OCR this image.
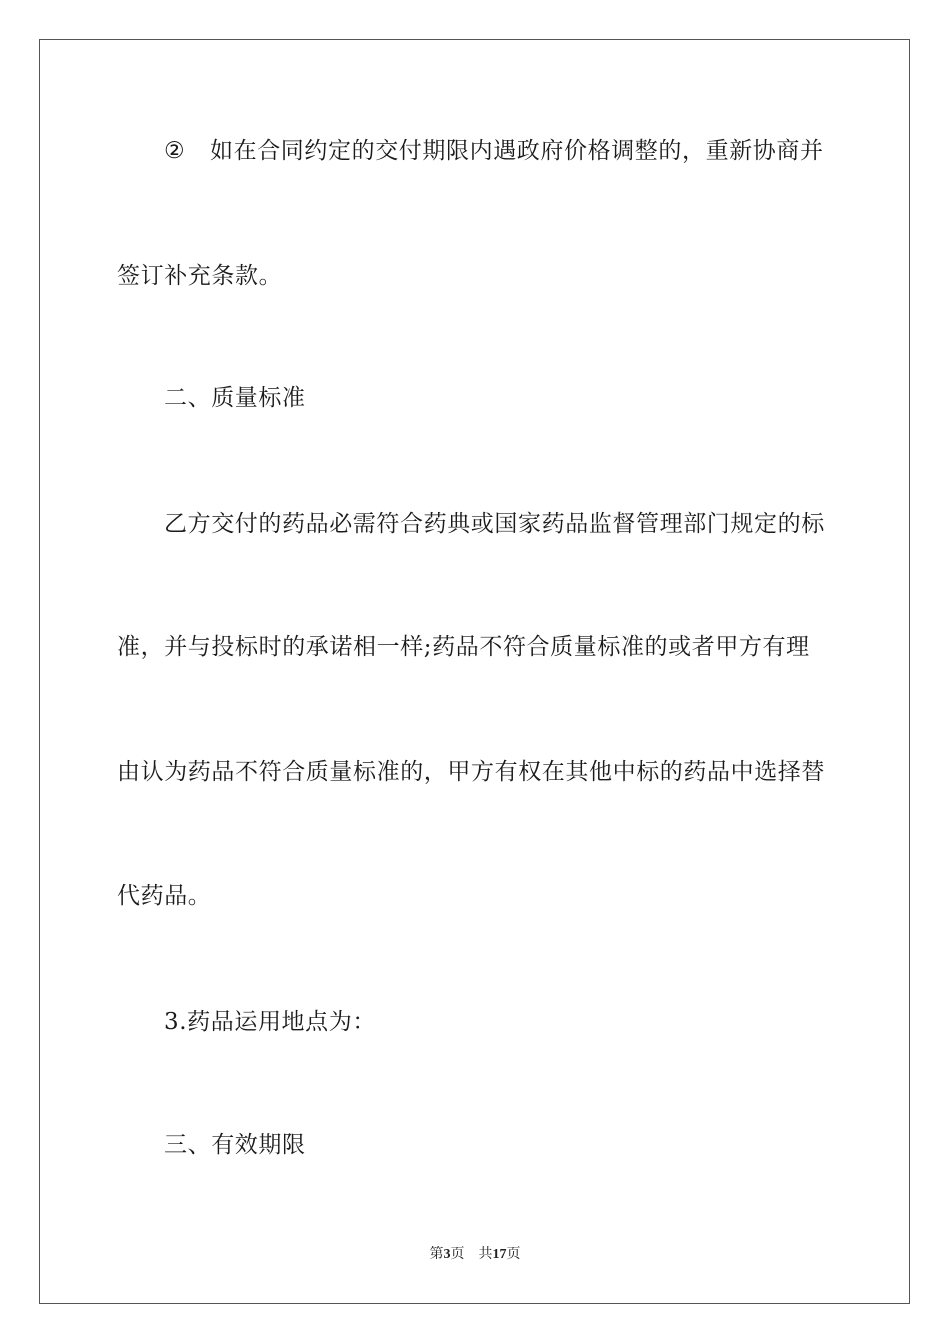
② 如在合同约定的交付期限内遇政府价格调整的，重新协商并
签订补充条款。
二、质量标准
乙方交付的药品必需符合药典或国家药品监督管理部门规定的标
准，并与投标时的承诺相一样;药品不符合质量标准的或者甲方有理
由认为药品不符合质量标准的，甲方有权在其他中标的药品中选择替
代药品。
3.药品运用地点为：
三、有效期限
第3页 共17页
